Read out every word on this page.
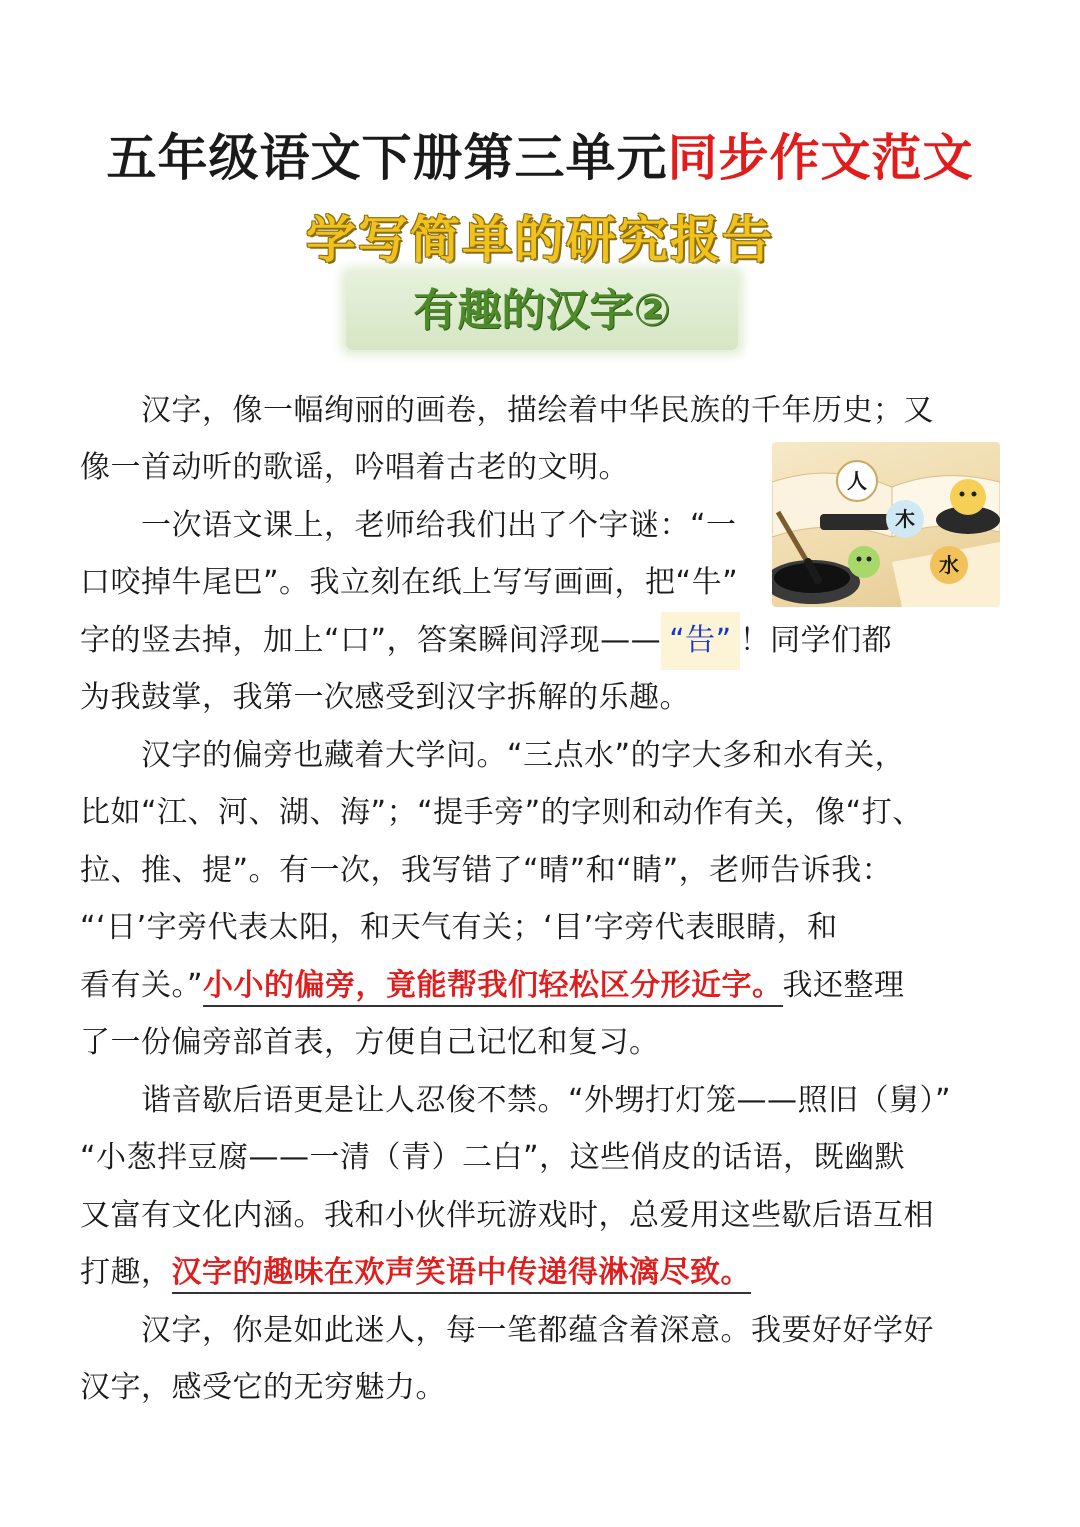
五年级语文下册第三单元同步作文范文
学写简单的研究报告
有趣的汉字②
人
木
水

　　汉字，像一幅绚丽的画卷，描绘着中华民族的千年历史；又

像一首动听的歌谣，吟唱着古老的文明。

　　一次语文课上，老师给我们出了个字谜：“一

口咬掉牛尾巴”。我立刻在纸上写写画画，把“牛”

字的竖去掉，加上“口”，答案瞬间浮现—— “告” ！同学们都

为我鼓掌，我第一次感受到汉字拆解的乐趣。

　　汉字的偏旁也藏着大学问。“三点水”的字大多和水有关，

比如“江、河、湖、海”；“提手旁”的字则和动作有关，像“打、

拉、推、提”。有一次，我写错了“晴”和“睛”，老师告诉我：

“‘日’字旁代表太阳，和天气有关；‘目’字旁代表眼睛，和

看有关。”小小的偏旁，竟能帮我们轻松区分形近字。我还整理

了一份偏旁部首表，方便自己记忆和复习。

　　谐音歇后语更是让人忍俊不禁。“外甥打灯笼——照旧（舅）”

“小葱拌豆腐——一清（青）二白”，这些俏皮的话语，既幽默

又富有文化内涵。我和小伙伴玩游戏时，总爱用这些歇后语互相

打趣，汉字的趣味在欢声笑语中传递得淋漓尽致。

　　汉字，你是如此迷人，每一笔都蕴含着深意。我要好好学好

汉字，感受它的无穷魅力。
